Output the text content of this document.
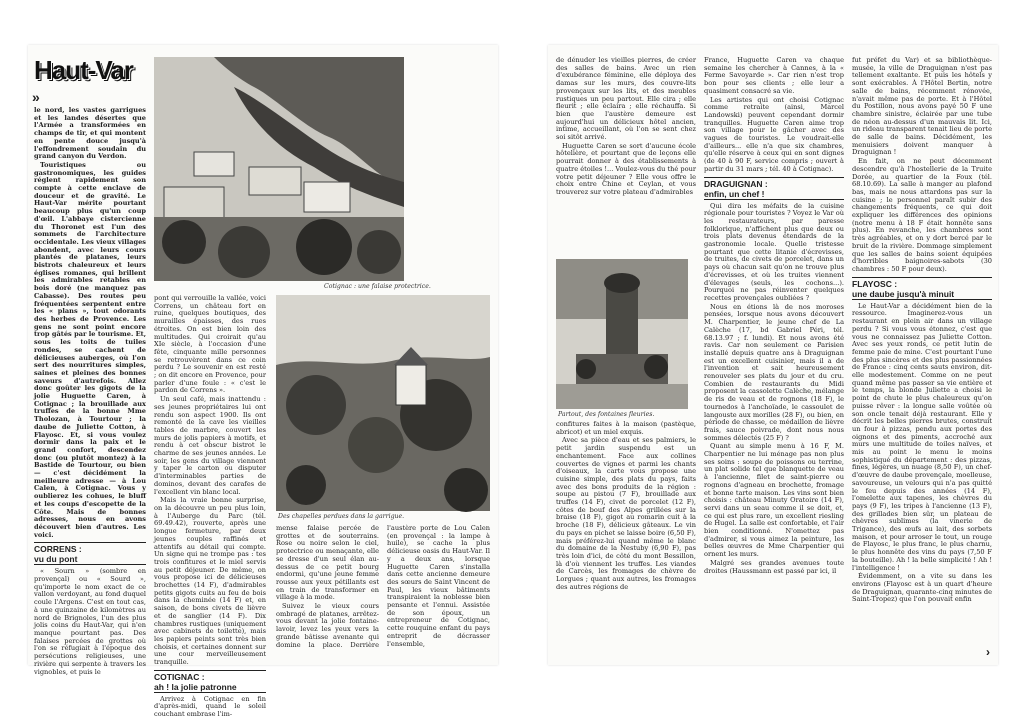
Haut-Var
»

le nord, les vastes garrigues et les landes désertes que l'Armée a transformées en champs de tir, et qui montent en pente douce jusqu'à l'effondrement soudain du grand canyon du Verdon.

Touristiques ou gastronomiques, les guides réglent rapidement son compte à cette enclave de douceur et de gravité. Le Haut-Var mérite pourtant beaucoup plus qu'un coup d'œil. L'abbaye cistercienne du Thoronet est l'un des sommets de l'architecture occidentale. Les vieux villages abondent, avec leurs cours plantés de platanes, leurs bistrots chaleureux et leurs églises romanes, qui brillent les admirables retables en bois doré (ne manquez pas Cabasse). Des routes peu fréquentées serpentent entre les « plans », tout odorants des herbes de Provence. Les gens ne sont point encore trop gâtés par le tourisme. Et, sous les toits de tuiles rondes, se cachent de délicieuses auberges, où l'on sert des nourritures simples, saines et pleines des bonnes saveurs d'autrefois. Allez donc goûter les gigots de la jolie Huguette Caren, à Cotignac ; la brouillade aux truffes de la bonne Mme Tholozan, à Tourtour ; la daube de Juliette Cotton, à Flayosc. Et, si vous voulez dormir dans la paix et le grand confort, descendez donc (ou plutôt montez) à la Bastide de Tourtour, ou bien — c'est décidément la meilleure adresse — à Lou Calen, à Cotignac. Vous y oublierez les cohues, le bluff et les coups d'escopette de la Côte. Mais de bonnes adresses, nous en avons découvert bien d'autres. Les voici.

CORRENS :
vu du pont

« Sourn » (sombre en provençal) ou « Sourd », qu'importe le nom exact de ce vallon verdoyant, au fond duquel coule l'Argens. C'est en tout cas, à une quinzaine de kilomètres au nord de Brignoles, l'un des plus jolis coins du Haut-Var, qui n'en manque pourtant pas. Des falaises percées de grottes où l'on se réfugiait à l'époque des persécutions religieuses, une rivière qui serpente à travers les vignobles, et puis le

Cotignac : une falaise protectrice.

pont qui verrouille la vallée, voici Correns, un château fort en ruine, quelques boutiques, des murailles épaisses, des rues étroites. On est bien loin des multitudes. Qui croirait qu'au XIe siècle, à l'occasion d'une fête, cinquante mille personnes se retrouvèrent dans ce coin perdu ? Le souvenir en est resté ; on dit encore en Provence, pour parler d'une foule : « c'est le pardon de Correns ».

Un seul café, mais inattendu : ses jeunes propriétaires lui ont rendu son aspect 1900. Ils ont remonté de la cave les vieilles tables de marbre, couvert les murs de jolis papiers à motifs, et rendu à cet obscur bistrot le charme de ses jeunes années. Le soir, les gens du village viennent y taper le carton ou disputer d'interminables parties de dominos, devant des carafes de l'excellent vin blanc local.

Mais la vraie bonne surprise, on la découvre un peu plus loin, à l'Auberge du Parc (tél. 69.49.42), rouverte, après une longue fermeture, par deux jeunes couples raffinés et attentifs au détail qui compte. Un signe qui ne trompe pas : tes trois confitures et le miel servis au petit déjeuner. De même, on vous propose ici de délicieuses brochettes (14 F), d'admirables petits gigots cuits au feu de bois dans la cheminée (14 F) et, en saison, de bons civets de lièvre et de sanglier (14 F). Dix chambres rustiques (uniquement avec cabinets de toilette), mais les papiers peints sont très bien choisis, et certaines donnent sur une cour merveilleusement tranquille.

COTIGNAC :
ah ! la jolie patronne

Arrivez à Cotignac en fin d'après-midi, quand le soleil couchant embrase l'im-

Des chapelles perdues dans la garrigue.

mense falaise percée de grottes et de souterrains. Rose ou noire selon le ciel, protectrice ou menaçante, elle se dresse d'un seul élan au-dessus de ce petit bourg endormi, qu'une jeune femme rousse aux yeux pétillants est en train de transformer en village à la mode.

Suivez le vieux cours ombragé de platanes, arrêtez-vous devant la jolie fontaine-lavoir, levez les yeux vers la grande bâtisse avenante qui domine la place. Derrière l'austère porte de Lou Calen (en provençal : la lampe à huile), se cache la plus délicieuse oasis du Haut-Var. Il y a deux ans, lorsque Huguette Caren s'installa dans cette ancienne demeure des sœurs de Saint Vincent de Paul, les vieux bâtiments transpiraient la noblesse bien pensante et l'ennui. Assistée de son époux, un entrepreneur de Cotignac, cette rouquine enfant du pays entreprit de décrasser l'ensemble,

de dénuder les vieilles pierres, de créer des salles de bains. Avec un rien d'exubérance féminine, elle déploya des damas sur les murs, des couvre-lits provençaux sur les lits, et des meubles rustiques un peu partout. Elle cira ; elle fleurit ; elle éclaira ; elle réchauffa. Si bien que l'austère demeure est aujourd'hui un délicieux hôtel ancien, intime, accueillant, où l'on se sent chez soi sitôt arrivé.

Huguette Caren se sort d'aucune école hôtelière, et pourtant que de leçons elle pourrait donner à des établissements à quatre étoiles !... Voulez-vous du thé pour votre petit déjeuner ? Elle vous offre le choix entre Chine et Ceylan, et vous trouverez sur votre plateau d'admirables

Partout, des fontaines fleuries.

confitures faites à la maison (pastèque, abricot) et un miel exquis.

Avec sa pièce d'eau et ses palmiers, le petit jardin suspendu est un enchantement. Face aux collines couvertes de vignes et parmi les chants d'oiseaux, la carte vous propose une cuisine simple, des plats du pays, faits avec des bons produits de la région : soupe au pistou (7 F), brouillade aux truffes (14 F), civet de porcelet (12 F), côtes de bouf des Alpes grillées sur la braise (18 F), gigot au romarin cuit à la broche (18 F), délicieux gâteaux. Le vin du pays en pichet se laisse boire (6,50 F), mais préférez-lui quand même le blanc du domaine de la Nestuby (6,90 F), pas très loin d'ici, de côté du mont Bessillon, là d'où viennent les truffes. Les viandes de Carcès, les fromages de chèvre de Lorgues ; quant aux autres, les fromages des autres régions de

France, Huguette Caren va chaque semaine les chercher à Cannes, à la « Ferme Savoyarde ». Car rien n'est trop bon pour ses clients ; elle leur a quasiment consacré sa vie.

Les artistes qui ont choisi Cotignac comme retraite (ainsi, Marcel Landowski) peuvent cependant dormir tranquilles. Huguette Caren aime trop son village pour le gâcher avec des vagues de touristes. Le voudrait-elle d'ailleurs... elle n'a que six chambres, qu'elle réserve à ceux qui en sont dignes (de 40 à 90 F, service compris ; ouvert à partir du 31 mars ; tél. 40 à Cotignac).

DRAGUIGNAN :
enfin, un chef !

Qui dira les méfaits de la cuisine régionale pour touristes ? Voyez le Var où les restaurateurs, par paresse folklorique, n'affichent plus que deux ou trois plats devenus étendards de la gastronomie locale. Quelle tristesse pourtant que cette litanie d'écrevisses, de truites, de civets de porcelet, dans un pays où chacun sait qu'on ne trouve plus d'écrevisses, et où les truites viennent d'élevages (seuls, les cochons...). Pourquoi ne pas réinventer quelques recettes provençales oubliées ?

Nous en étions là de nos moroses pensées, lorsque nous avons découvert M. Charpentier, le jeune chef de La Calèche (17, bd Gabriel Péri, tél. 68.13.97 ; f. lundi). Et nous avons été ravis. Car non seulement ce Parisien installé depuis quatre ans à Draguignan est un excellent cuisinier, mais il a de l'invention et sait heureusement renouveler ses plats du jour et du cru. Combien de restaurants du Midi proposent la cassolette Calèche, mélange de ris de veau et de rognons (18 F), le tournedos à l'anchoïade, le cassoulet de langouste aux morilles (28 F), ou bien, en période de chasse, ce médaillon de lièvre frais, sauce poivrade, dont nous nous sommes délectés (25 F) ?

Quant au simple menu à 16 F, M. Charpentier ne lui ménage pas non plus ses soins : soupe de poissons ou terrine, un plat solide tel que blanquette de veau à l'ancienne, filet de saint-pierre ou rognons d'agneau en brochette, fromage et bonne tarte maison. Les vins sont bien choisis : château Minuty Oratoire (14 F), servi dans un seau comme il se doit, et, ce qui est plus rare, un excellent riesling de Hugel. La salle est confortable, et l'air bien conditionné. N'omettez pas d'admirer, si vous aimez la peinture, les belles œuvres de Mme Charpentier qui ornent les murs.

Malgré ses grandes avenues toute droites (Haussmann est passé par ici, il

fut préfet du Var) et sa bibliothèque-musée, la ville de Draguignan n'est pas tellement exaltante. Et puis les hôtels y sont exécrables. À l'Hôtel Bertin, notre salle de bains, récemment rénovée, n'avait même pas de porte. Et à l'Hôtel du Postillon, nous avons payé 50 F une chambre sinistre, éclairée par une tube de néon au-dessus d'un mauvais lit. Ici, un rideau transparent tenait lieu de porte de salle de bains. Décidément, les menuisiers doivent manquer à Draguignan !

En fait, on ne peut décemment descendre qu'à l'hostellerie de la Truite Dorée, au quartier de la Foux (tél. 68.10.69). La salle à manger au plafond bas, mais ne nous attardons pas sur la cuisine ; le personnel paraît subir des changements fréquents, ce qui doit expliquer les différences des opinions (notre menu à 18 F était honnête sans plus). En revanche, les chambres sont très agréables, et on y dort bercé par le bruit de la rivière. Dommage simplement que les salles de bains soient équipées d'horribles baignoires-sabots (30 chambres : 50 F pour deux).

FLAYOSC :
une daube jusqu'à minuit

Le Haut-Var a décidément bien de la ressource. Imaginerez-vous un restaurant en plein air dans un village perdu ? Si vous vous étonnez, c'est que vous ne connaissez pas Juliette Cotton. Avec ses yeux ronds, ce petit lutin de femme paie de mine. C'est pourtant l'une des plus sincères et des plus passionnées de France : cinq cents sauts environ, dit-elle modestement. Comme on ne peut quand même pas passer sa vie entière et le temps, la blonde Juliette a choisi le point de chute le plus chaleureux qu'on puisse rêver : la longue salle voûtée où son oncle tenait déjà restaurant. Elle y décrit les belles pierres brutes, construit un four à pizzas, pendu aux portes des oignons et des piments, accroché aux murs une multitude de toiles naïves, et mis au point le menu le moins sophistiqué du département : des pizzas, fines, légères, un nuage (8,50 F), un chef-d'œuvre de daube provençale, moelleuse, savoureuse, un velours qui n'a pas quitté le feu depuis des années (14 F), l'omelette aux tapenes, les chèvres du pays (9 F), les tripes à l'ancienne (13 F), des grillades bien sûr, un plateau de chèvres sublimes (la vinerie de Trigance), des œufs au lait, des sorbets maison, et pour arroser le tout, un rouge de Flayosc, le plus franc, le plus charnu, le plus honnête des vins du pays (7,50 F la bouteille). Ah ! la belle simplicité ! Ah ! l'intelligence !

Évidemment, on a vite su dans les environs (Flayosc est à un quart d'heure de Draguignan, quarante-cinq minutes de Saint-Tropez) que l'on pouvait enfin

›
